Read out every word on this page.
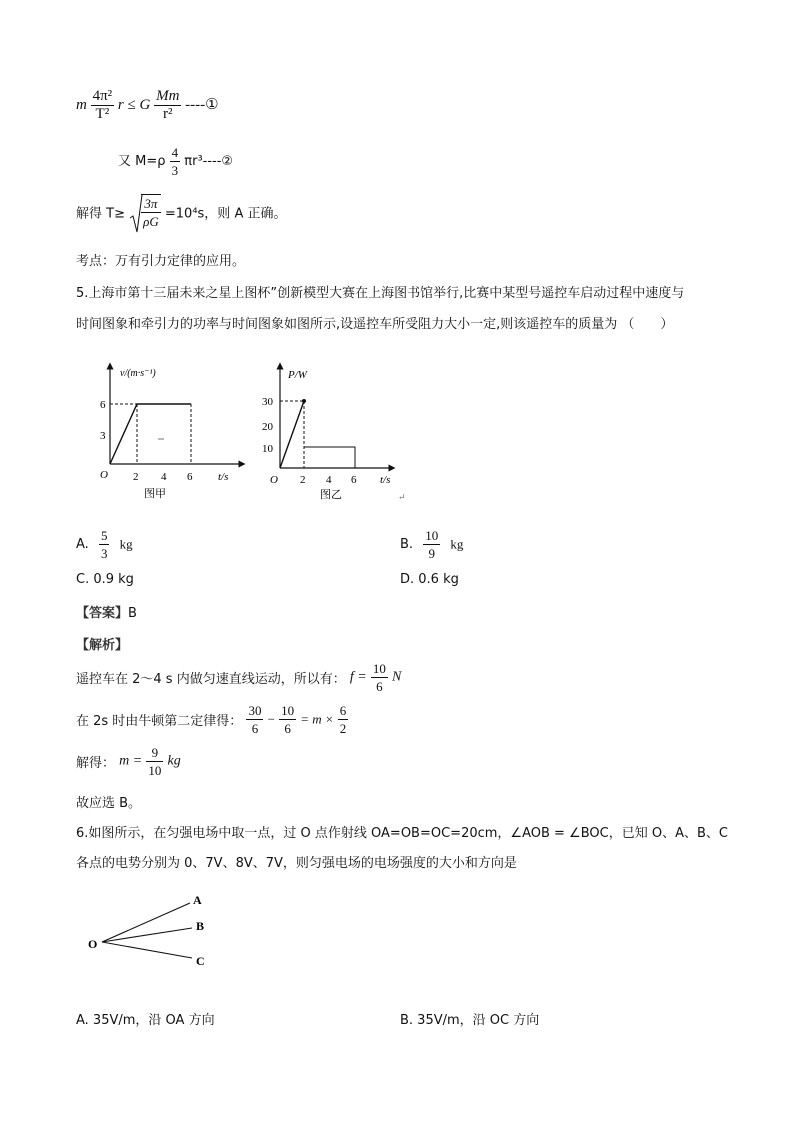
m $\frac{\text{4π²}}{\text{T²}}$ r ≤ G $\frac{Mm}{\text{r²}}$ ----①
又 $M=\rho \frac{4}{3}$ πr³----②
解得 $T\ge \frac{3\pi}{\rho G} =10^4s$，则 A 正确。
考点：万有引力定律的应用。
5.上海市第十三届未来之星上图杯”创新模型大赛在上海图书馆举行,比赛中某型号遥控车启动过程中速度与
时间图象和牵引力的功率与时间图象如图所示,设遥控车所受阻力大小一定,则该遥控车的质量为 （　　）
v/(m·s⁻¹)
t/s
O
6
3
2 4 6
图甲
P/W
t/s
O
30
20
10
2 4 6
图乙	↵
A. $\frac{5}{3}$ kg	B. $\frac{10}{9}$ kg
C. 0.9 kg	D. 0.6 kg
【答案】B
【解析】
遥控车在 2～4 s 内做匀速直线运动，所以有： $f = \frac{10}{6}$ N
在 2s 时由牛顿第二定律得： $\frac{30}{6} - \frac{10}{6} = m \times \frac{6}{2}$
解得： $m = \frac{9}{10}$ kg
故应选 B。
6.如图所示，在匀强电场中取一点，过 O 点作射线 OA=OB=OC=20cm，∠AOB = ∠BOC，已知 O、A、B、C
各点的电势分别为 0、7V、8V、7V，则匀强电场的电场强度的大小和方向是
O
A
B
C
A. 35V/m，沿 OA 方向	B. 35V/m，沿 OC 方向
